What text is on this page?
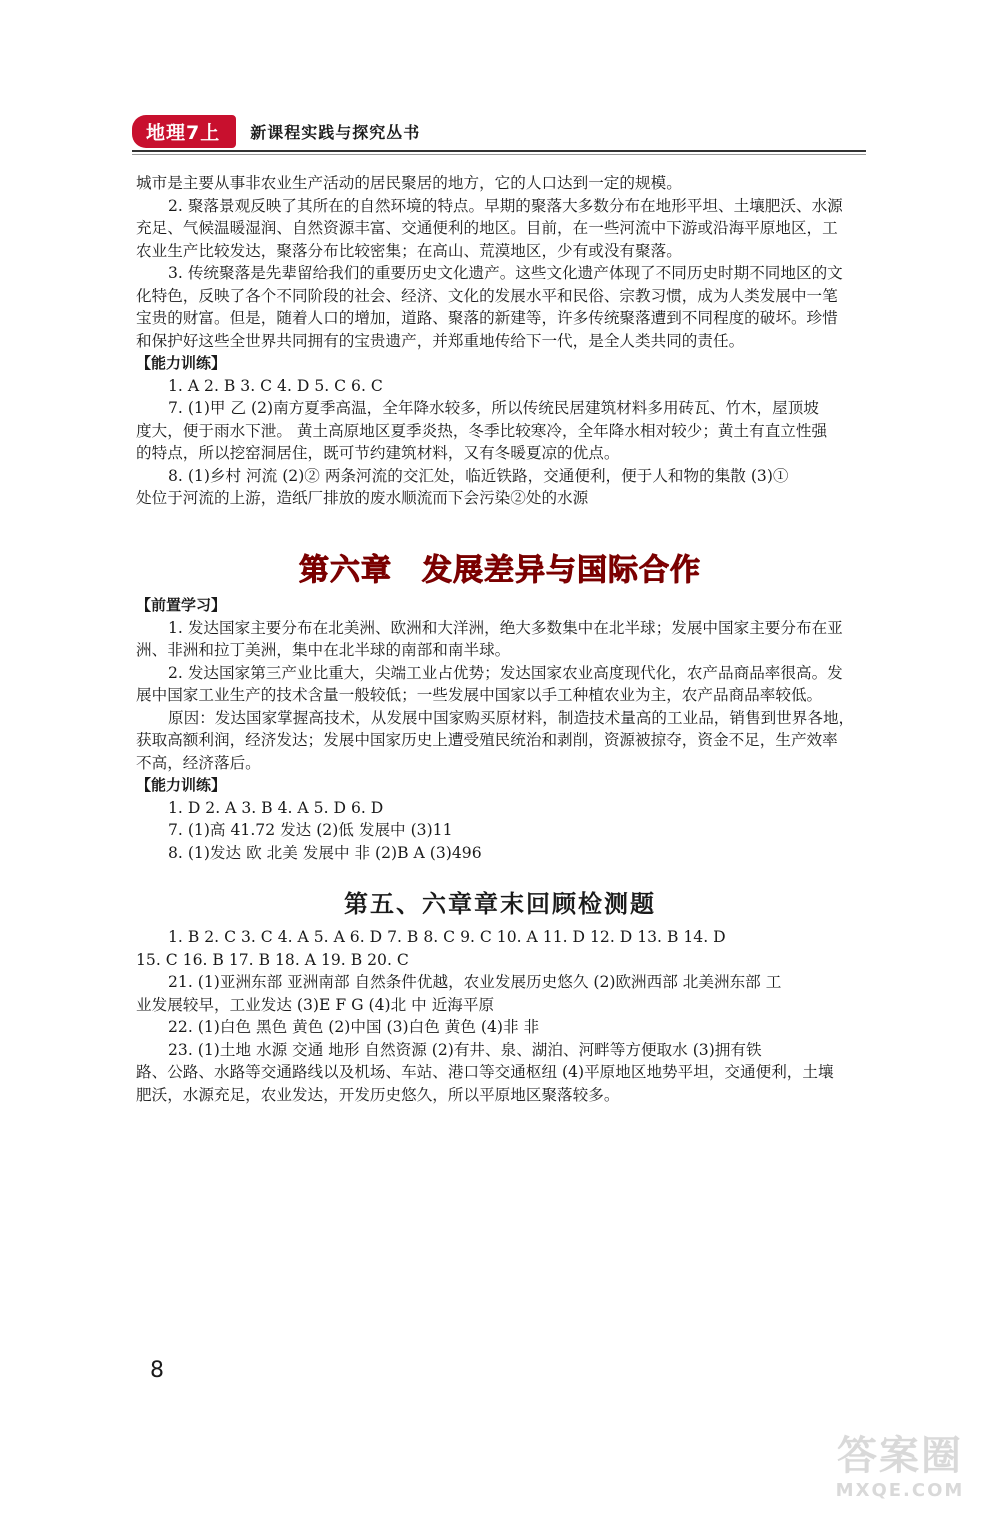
地理7上	新课程实践与探究丛书
城市是主要从事非农业生产活动的居民聚居的地方，它的人口达到一定的规模。
2. 聚落景观反映了其所在的自然环境的特点。早期的聚落大多数分布在地形平坦、土壤肥沃、水源
充足、气候温暖湿润、自然资源丰富、交通便利的地区。目前，在一些河流中下游或沿海平原地区，工
农业生产比较发达，聚落分布比较密集；在高山、荒漠地区，少有或没有聚落。
3. 传统聚落是先辈留给我们的重要历史文化遗产。这些文化遗产体现了不同历史时期不同地区的文
化特色，反映了各个不同阶段的社会、经济、文化的发展水平和民俗、宗教习惯，成为人类发展中一笔
宝贵的财富。但是，随着人口的增加，道路、聚落的新建等，许多传统聚落遭到不同程度的破坏。珍惜
和保护好这些全世界共同拥有的宝贵遗产，并郑重地传给下一代，是全人类共同的责任。
【能力训练】
1. A 2. B 3. C 4. D 5. C 6. C
7. (1)甲 乙 (2)南方夏季高温，全年降水较多，所以传统民居建筑材料多用砖瓦、竹木，屋顶坡
度大，便于雨水下泄。 黄土高原地区夏季炎热，冬季比较寒冷，全年降水相对较少；黄土有直立性强
的特点，所以挖窑洞居住，既可节约建筑材料，又有冬暖夏凉的优点。
8. (1)乡村 河流 (2)② 两条河流的交汇处，临近铁路，交通便利，便于人和物的集散 (3)①
处位于河流的上游，造纸厂排放的废水顺流而下会污染②处的水源
第六章 发展差异与国际合作
【前置学习】
1. 发达国家主要分布在北美洲、欧洲和大洋洲，绝大多数集中在北半球；发展中国家主要分布在亚
洲、非洲和拉丁美洲，集中在北半球的南部和南半球。
2. 发达国家第三产业比重大，尖端工业占优势；发达国家农业高度现代化，农产品商品率很高。发
展中国家工业生产的技术含量一般较低；一些发展中国家以手工种植农业为主，农产品商品率较低。
原因：发达国家掌握高技术，从发展中国家购买原材料，制造技术量高的工业品，销售到世界各地，
获取高额利润，经济发达；发展中国家历史上遭受殖民统治和剥削，资源被掠夺，资金不足，生产效率
不高，经济落后。
【能力训练】
1. D 2. A 3. B 4. A 5. D 6. D
7. (1)高 41.72 发达 (2)低 发展中 (3)11
8. (1)发达 欧 北美 发展中 非 (2)B A (3)496
第五、六章章末回顾检测题
1. B 2. C 3. C 4. A 5. A 6. D 7. B 8. C 9. C 10. A 11. D 12. D 13. B 14. D
15. C 16. B 17. B 18. A 19. B 20. C
21. (1)亚洲东部 亚洲南部 自然条件优越，农业发展历史悠久 (2)欧洲西部 北美洲东部 工
业发展较早，工业发达 (3)E F G (4)北 中 近海平原
22. (1)白色 黑色 黄色 (2)中国 (3)白色 黄色 (4)非 非
23. (1)土地 水源 交通 地形 自然资源 (2)有井、泉、湖泊、河畔等方便取水 (3)拥有铁
路、公路、水路等交通路线以及机场、车站、港口等交通枢纽 (4)平原地区地势平坦，交通便利，土壤
肥沃，水源充足，农业发达，开发历史悠久，所以平原地区聚落较多。
8
答案圈
MXQE.COM
